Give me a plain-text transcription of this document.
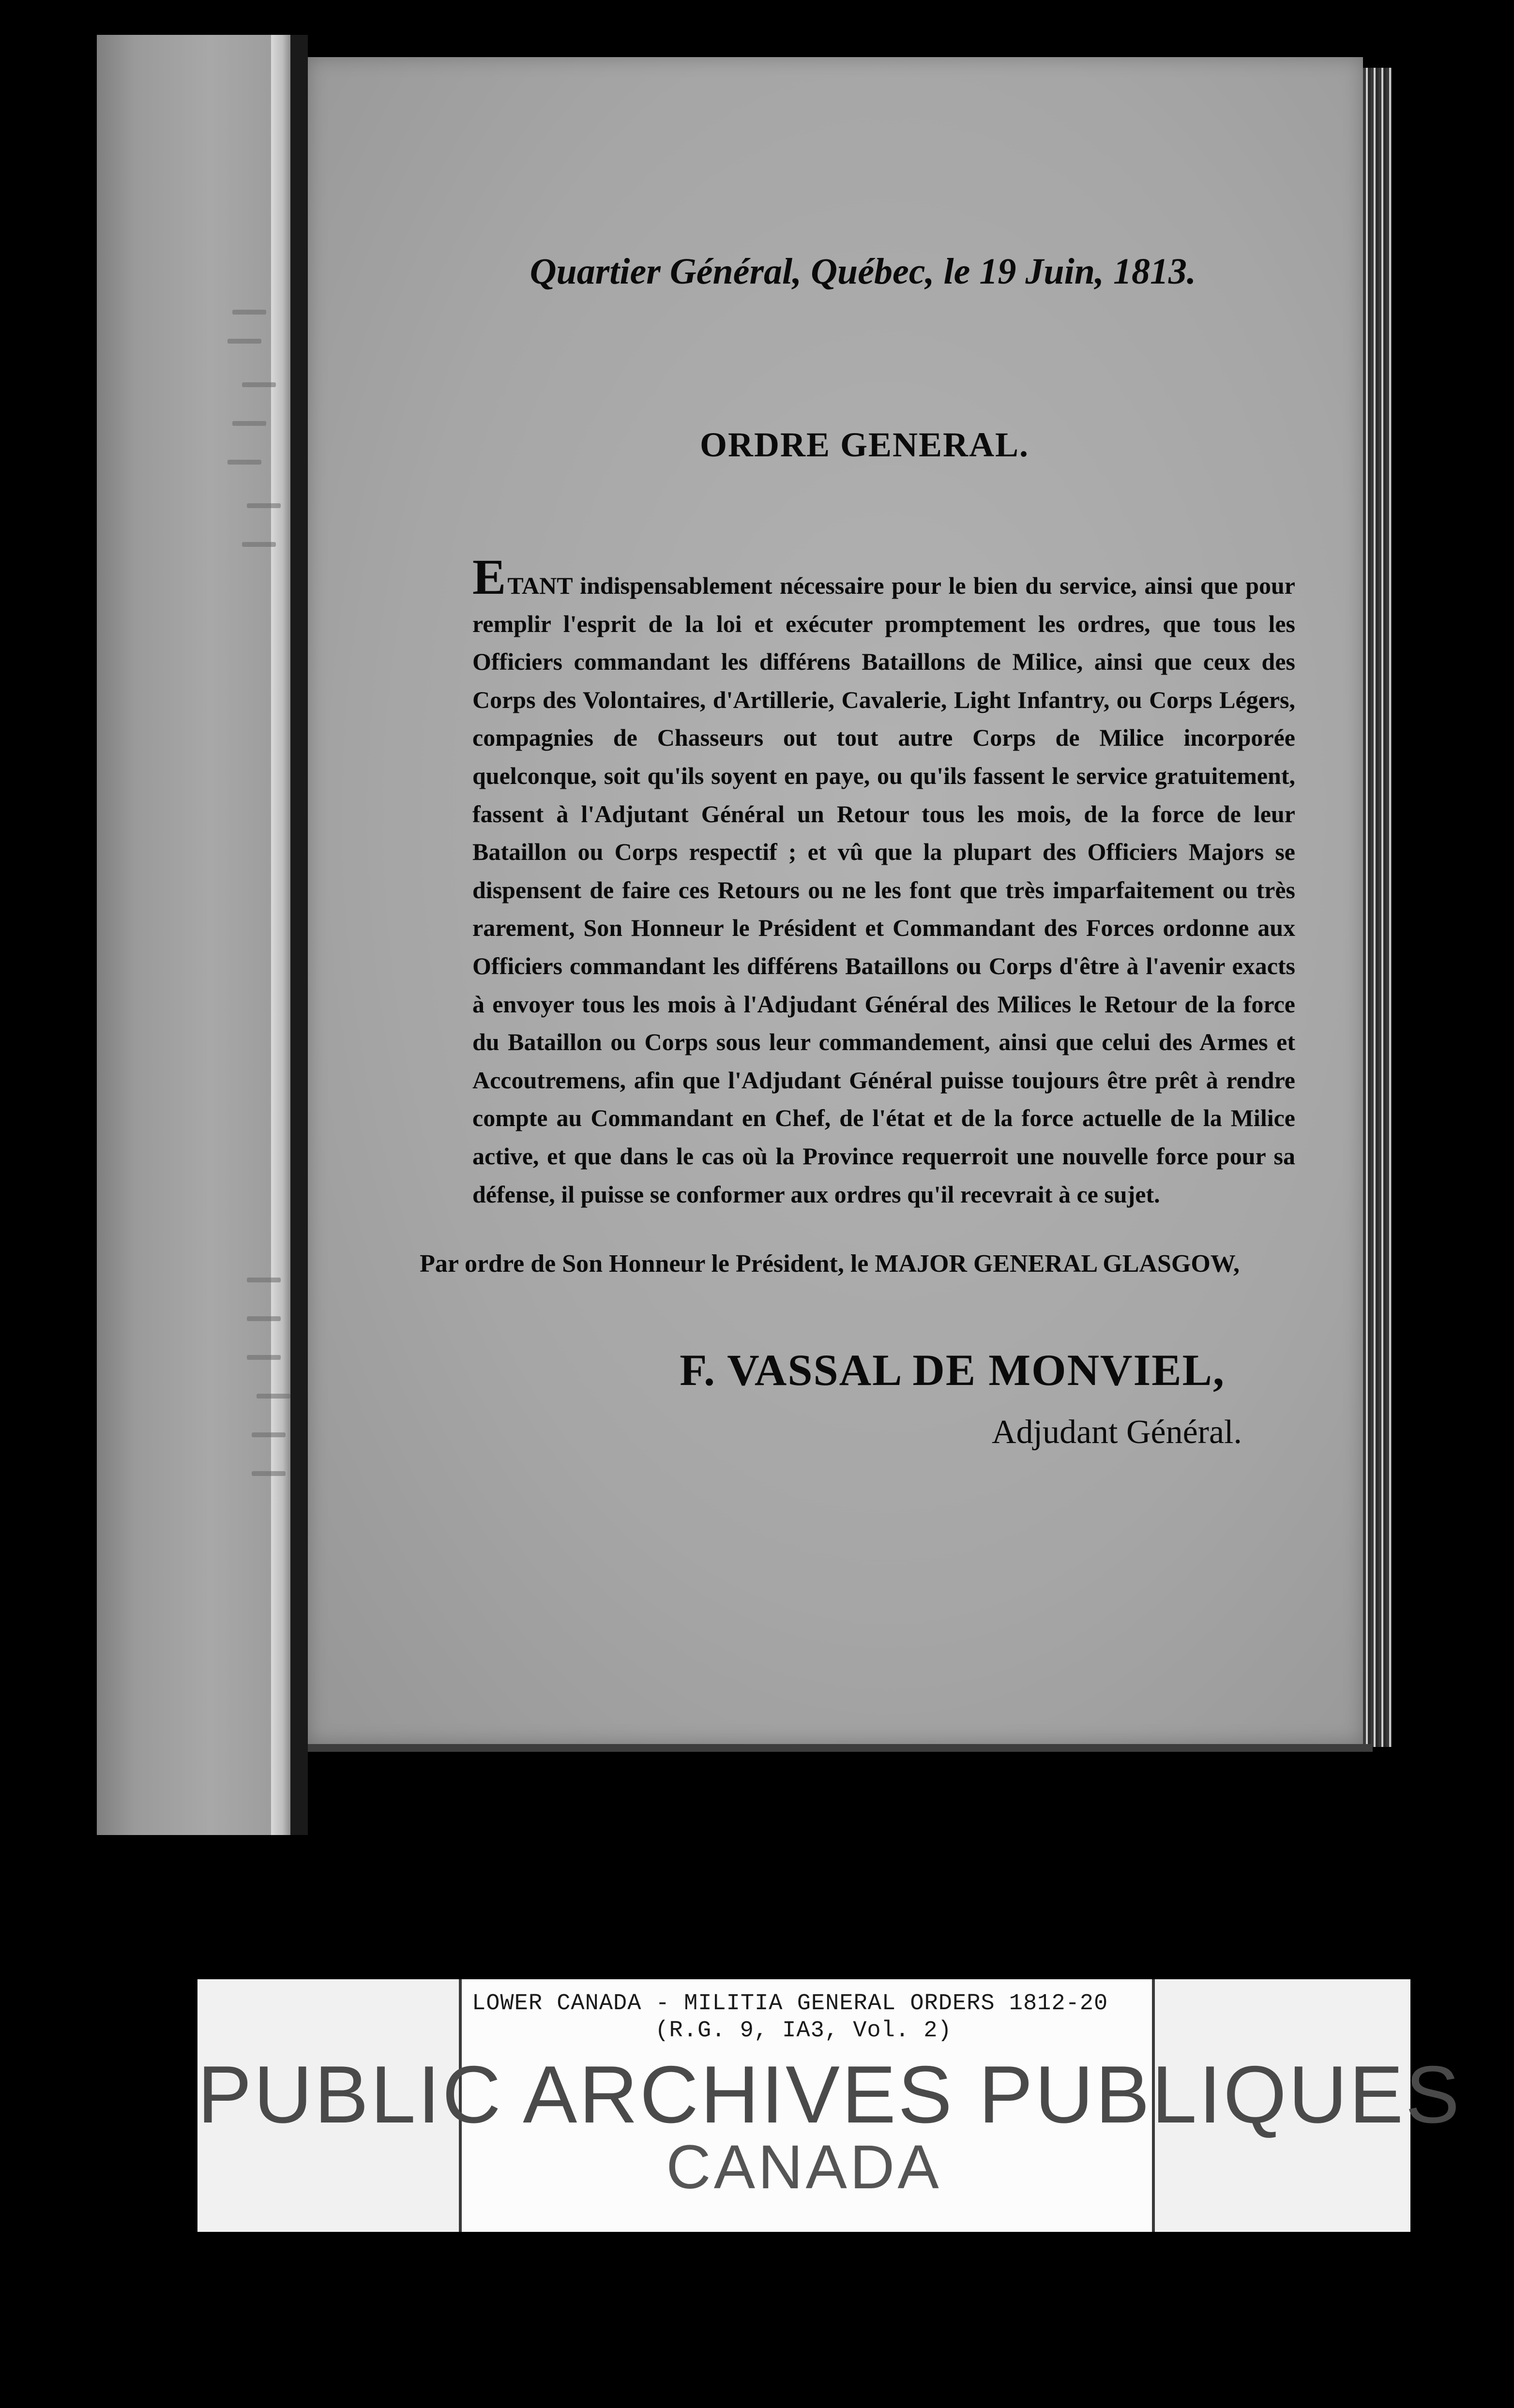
Quartier Général, Québec, le 19 Juin, 1813.
ORDRE GENERAL.
ETANT indispensablement nécessaire pour le bien du service, ainsi que pour remplir l'esprit de la loi et exécuter promptement les ordres, que tous les Officiers commandant les différens Bataillons de Milice, ainsi que ceux des Corps des Volontaires, d'Artillerie, Cavalerie, Light Infantry, ou Corps Légers, compagnies de Chasseurs out tout autre Corps de Milice incorporée quelconque, soit qu'ils soyent en paye, ou qu'ils fassent le service gratuitement, fassent à l'Adjutant Général un Retour tous les mois, de la force de leur Bataillon ou Corps respectif ; et vû que la plupart des Officiers Majors se dispensent de faire ces Retours ou ne les font que très imparfaitement ou très rarement, Son Honneur le Président et Commandant des Forces ordonne aux Officiers commandant les différens Bataillons ou Corps d'être à l'avenir exacts à envoyer tous les mois à l'Adjudant Général des Milices le Retour de la force du Bataillon ou Corps sous leur commandement, ainsi que celui des Armes et Accoutremens, afin que l'Adjudant Général puisse toujours être prêt à rendre compte au Commandant en Chef, de l'état et de la force actuelle de la Milice active, et que dans le cas où la Province requerroit une nouvelle force pour sa défense, il puisse se conformer aux ordres qu'il recevrait à ce sujet.
Par ordre de Son Honneur le Président, le MAJOR GENERAL GLASGOW,
F. VASSAL DE MONVIEL,
Adjudant Général.
LOWER CANADA - MILITIA GENERAL ORDERS 1812-20
(R.G. 9, IA3, Vol. 2)
PUBLIC ARCHIVES PUBLIQUES
CANADA
